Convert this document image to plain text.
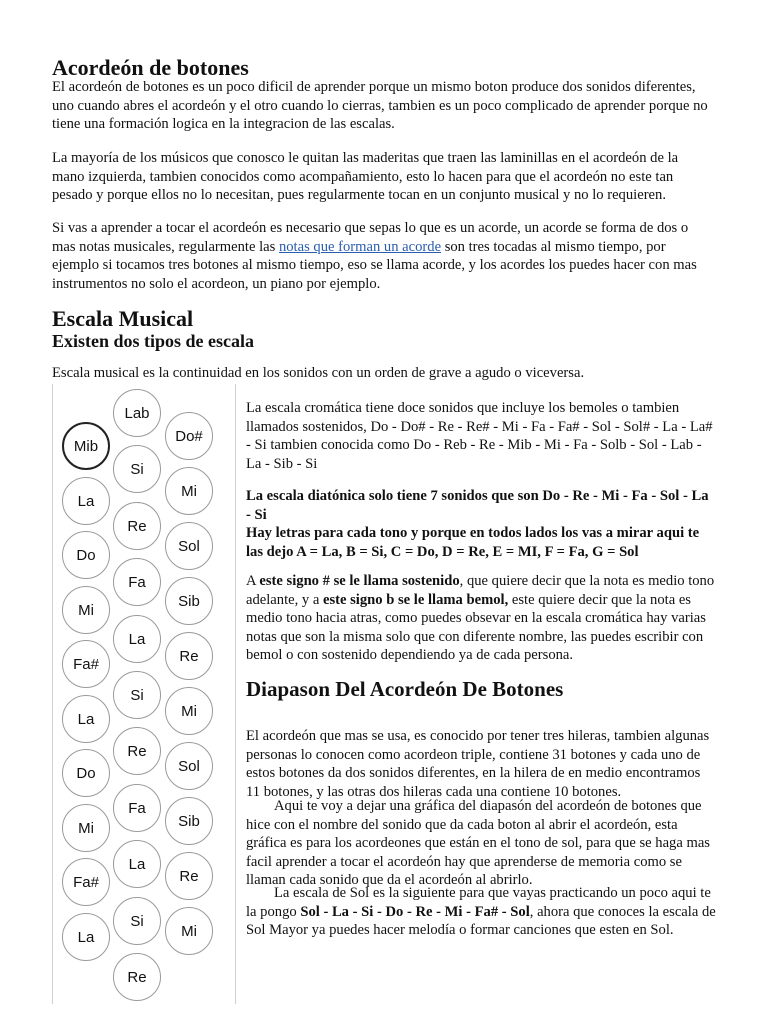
Acordeón de botones

El acordeón de botones es un poco dificil de aprender porque un mismo boton produce dos sonidos diferentes, uno cuando abres el acordeón y el otro cuando lo cierras, tambien es un poco complicado de aprender porque no tiene una formación logica en la integracion de las escalas.

La mayoría de los músicos que conosco le quitan las maderitas que traen las laminillas en el acordeón de la mano izquierda, tambien conocidos como acompañamiento, esto lo hacen para que el acordeón no este tan pesado y porque ellos no lo necesitan, pues regularmente tocan en un conjunto musical y no lo requieren.

Si vas a aprender a tocar el acordeón es necesario que sepas lo que es un acorde, un acorde se forma de dos o mas notas musicales, regularmente las notas que forman un acorde son tres tocadas al mismo tiempo, por ejemplo si tocamos tres botones al mismo tiempo, eso se llama acorde, y los acordes los puedes hacer con mas instrumentos no solo el acordeon, un piano por ejemplo.

Escala Musical
Existen dos tipos de escala

Escala musical es la continuidad en los sonidos con un orden de grave a agudo o viceversa.

Mib
La
Do
Mi
Fa#
La
Do
Mi
Fa#
La
Lab
Si
Re
Fa
La
Si
Re
Fa
La
Si
Re
Do#
Mi
Sol
Sib
Re
Mi
Sol
Sib
Re
Mi

La escala cromática tiene doce sonidos que incluye los bemoles o tambien llamados sostenidos, Do - Do# - Re - Re# - Mi - Fa - Fa# - Sol - Sol# - La - La# - Si tambien conocida como Do - Reb - Re - Mib - Mi - Fa - Solb - Sol - Lab - La - Sib - Si

La escala diatónica solo tiene 7 sonidos que son Do - Re - Mi - Fa - Sol - La - Si
Hay letras para cada tono y porque en todos lados los vas a mirar aqui te las dejo A = La, B = Si, C = Do, D = Re, E = MI, F = Fa, G = Sol

A este signo # se le llama sostenido, que quiere decir que la nota es medio tono adelante, y a este signo b se le llama bemol, este quiere decir que la nota es medio tono hacia atras, como puedes obsevar en la escala cromática hay varias notas que son la misma solo que con diferente nombre, las puedes escribir con bemol o con sostenido dependiendo ya de cada persona.

Diapason Del Acordeón De Botones

El acordeón que mas se usa, es conocido por tener tres hileras, tambien algunas personas lo conocen como acordeon triple, contiene 31 botones y cada uno de estos botones da dos sonidos diferentes, en la hilera de en medio encontramos 11 botones, y las otras dos hileras cada una contiene 10 botones.

Aqui te voy a dejar una gráfica del diapasón del acordeón de botones que hice con el nombre del sonido que da cada boton al abrir el acordeón, esta gráfica es para los acordeones que están en el tono de sol, para que se haga mas facil aprender a tocar el acordeón hay que aprenderse de memoria como se llaman cada sonido que da el acordeón al abrirlo.

La escala de Sol es la siguiente para que vayas practicando un poco aqui te la pongo Sol - La - Si - Do - Re - Mi - Fa# - Sol, ahora que conoces la escala de Sol Mayor ya puedes hacer melodía o formar canciones que esten en Sol.
